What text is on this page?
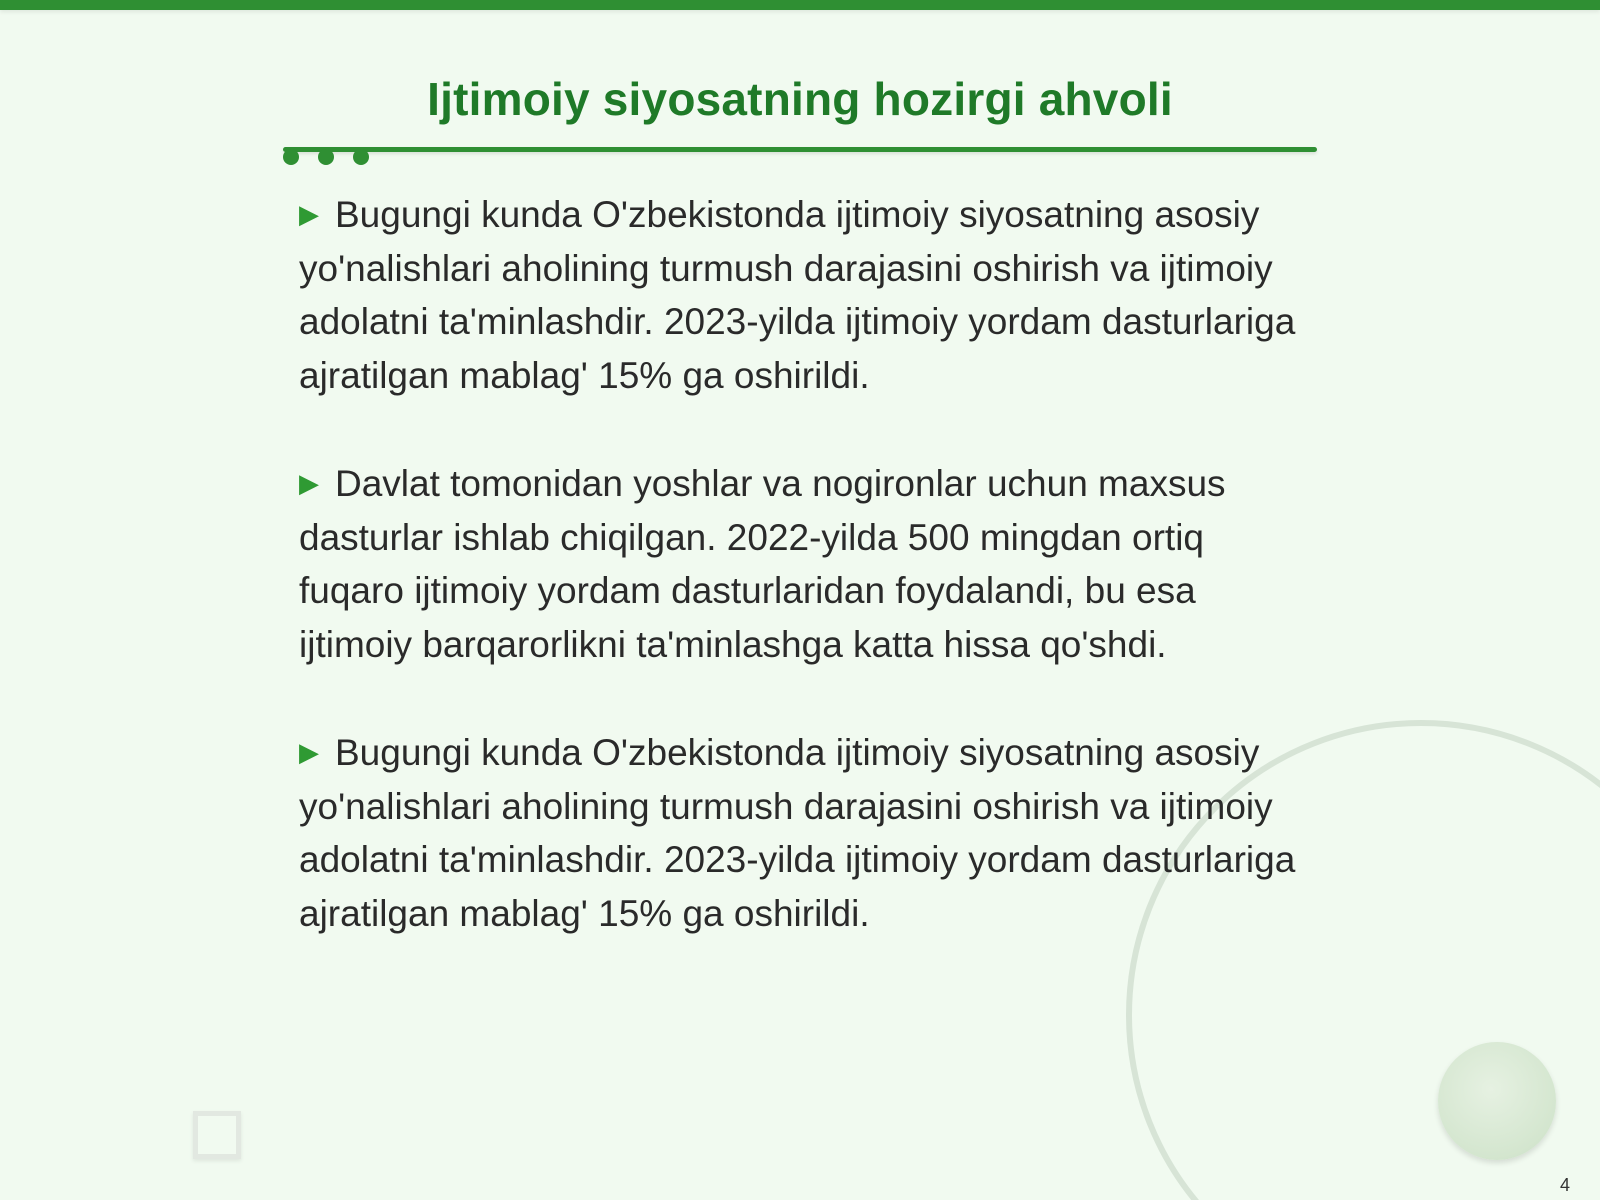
Ijtimoiy siyosatning hozirgi ahvoli

▶ Bugungi kunda O'zbekistonda ijtimoiy siyosatning asosiy yo'nalishlari aholining turmush darajasini oshirish va ijtimoiy adolatni ta'minlashdir. 2023-yilda ijtimoiy yordam dasturlariga ajratilgan mablag' 15% ga oshirildi.

▶ Davlat tomonidan yoshlar va nogironlar uchun maxsus dasturlar ishlab chiqilgan. 2022-yilda 500 mingdan ortiq fuqaro ijtimoiy yordam dasturlaridan foydalandi, bu esa ijtimoiy barqarorlikni ta'minlashga katta hissa qo'shdi.

▶ Bugungi kunda O'zbekistonda ijtimoiy siyosatning asosiy yo'nalishlari aholining turmush darajasini oshirish va ijtimoiy adolatni ta'minlashdir. 2023-yilda ijtimoiy yordam dasturlariga ajratilgan mablag' 15% ga oshirildi.

4
